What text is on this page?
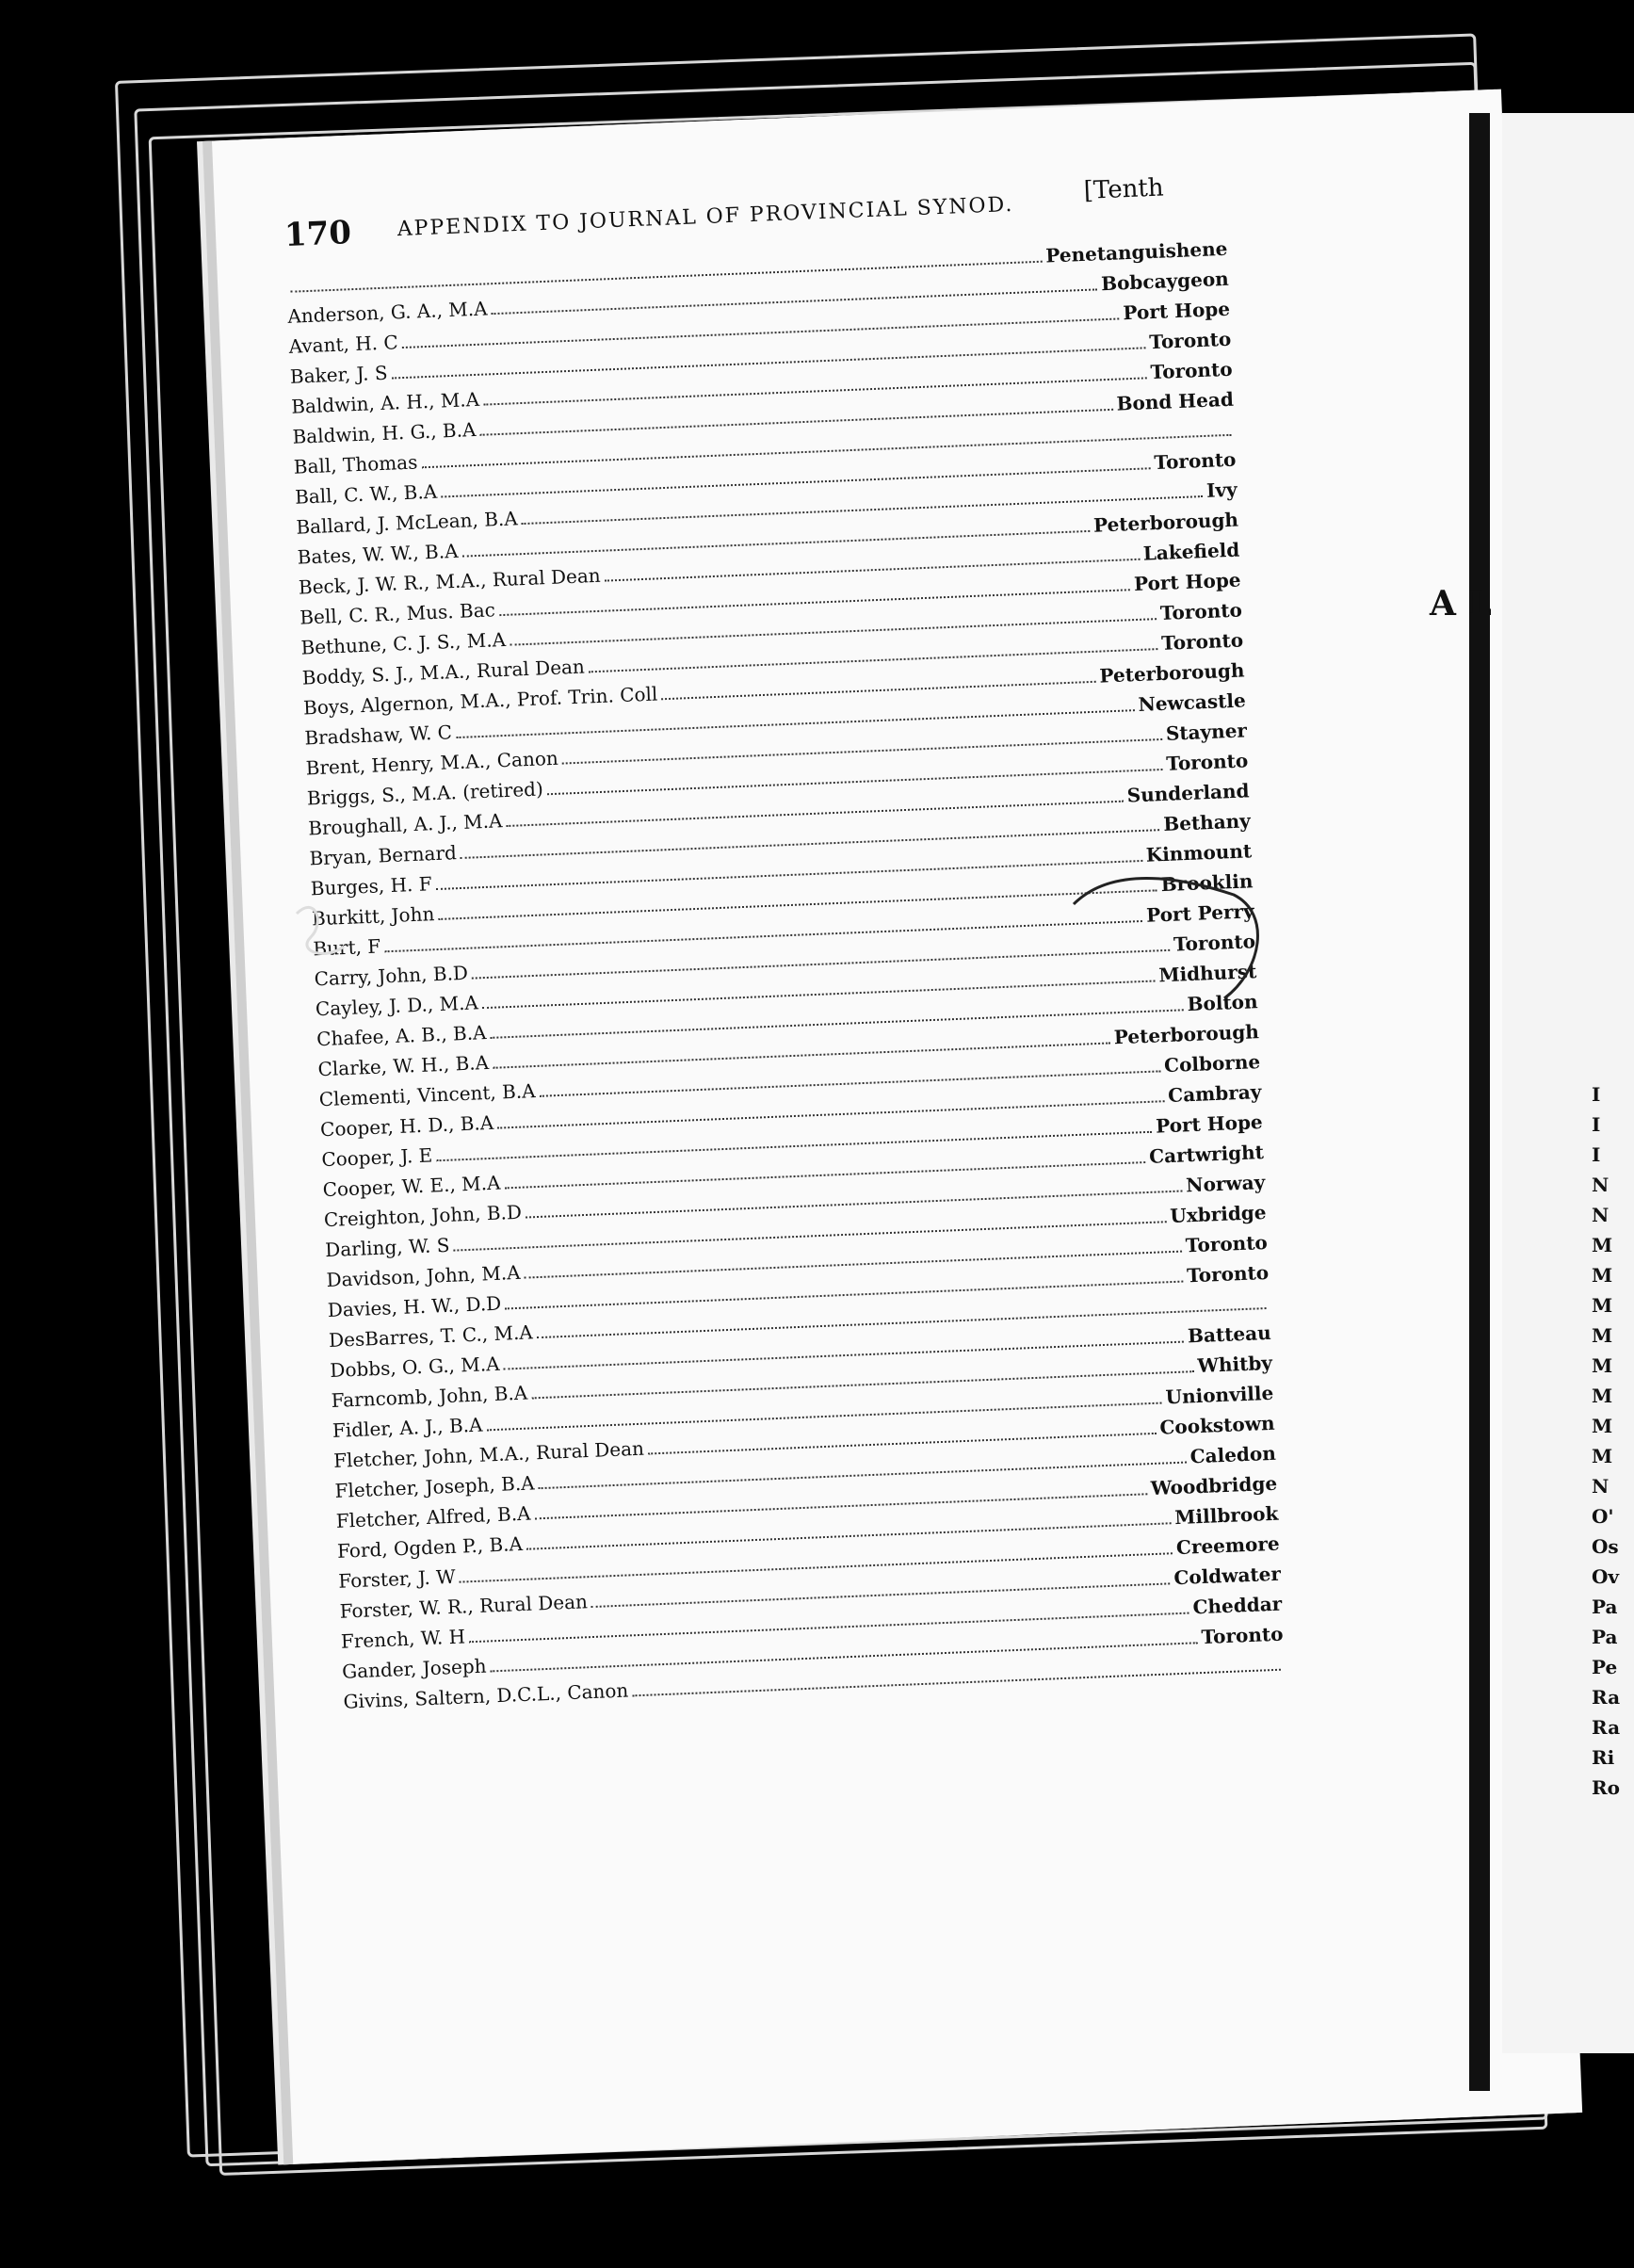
A L
170 APPENDIX TO JOURNAL OF PROVINCIAL SYNOD.
[Tenth
Penetanguishene
Anderson, G. A., M.A
Bobcaygeon
Avant, H. C
Port Hope
Baker, J. S
Toronto
Baldwin, A. H., M.A
Toronto
Baldwin, H. G., B.A
Bond Head
Ball, Thomas
Ball, C. W., B.A
Toronto
Ballard, J. McLean, B.A
Ivy
Bates, W. W., B.A
Peterborough
Beck, J. W. R., M.A., Rural Dean
Lakefield
Bell, C. R., Mus. Bac
Port Hope
Bethune, C. J. S., M.A
Toronto
Boddy, S. J., M.A., Rural Dean
Toronto
Boys, Algernon, M.A., Prof. Trin. Coll
Peterborough
Bradshaw, W. C
Newcastle
Brent, Henry, M.A., Canon
Stayner
Briggs, S., M.A. (retired)
Toronto
Broughall, A. J., M.A
Sunderland
Bryan, Bernard
Bethany
Burges, H. F
Kinmount
Burkitt, John
Brooklin
Burt, F
Port Perry
Carry, John, B.D
Toronto
Cayley, J. D., M.A
Midhurst
Chafee, A. B., B.A
Bolton
Clarke, W. H., B.A
Peterborough
Clementi, Vincent, B.A
Colborne
Cooper, H. D., B.A
Cambray
Cooper, J. E
Port Hope
Cooper, W. E., M.A
Cartwright
Creighton, John, B.D
Norway
Darling, W. S
Uxbridge
Davidson, John, M.A
Toronto
Davies, H. W., D.D
Toronto
DesBarres, T. C., M.A
Dobbs, O. G., M.A
Batteau
Farncomb, John, B.A
Whitby
Fidler, A. J., B.A
Unionville
Fletcher, John, M.A., Rural Dean
Cookstown
Fletcher, Joseph, B.A
Caledon
Fletcher, Alfred, B.A
Woodbridge
Ford, Ogden P., B.A
Millbrook
Forster, J. W
Creemore
Forster, W. R., Rural Dean
Coldwater
French, W. H
Cheddar
Gander, Joseph
Toronto
Givins, Saltern, D.C.L., Canon
I
I
I
N
N
M
M
M
M
M
M
M
M
N
O'
Os
Ov
Pa
Pa
Pe
Ra
Ra
Ri
Ro
